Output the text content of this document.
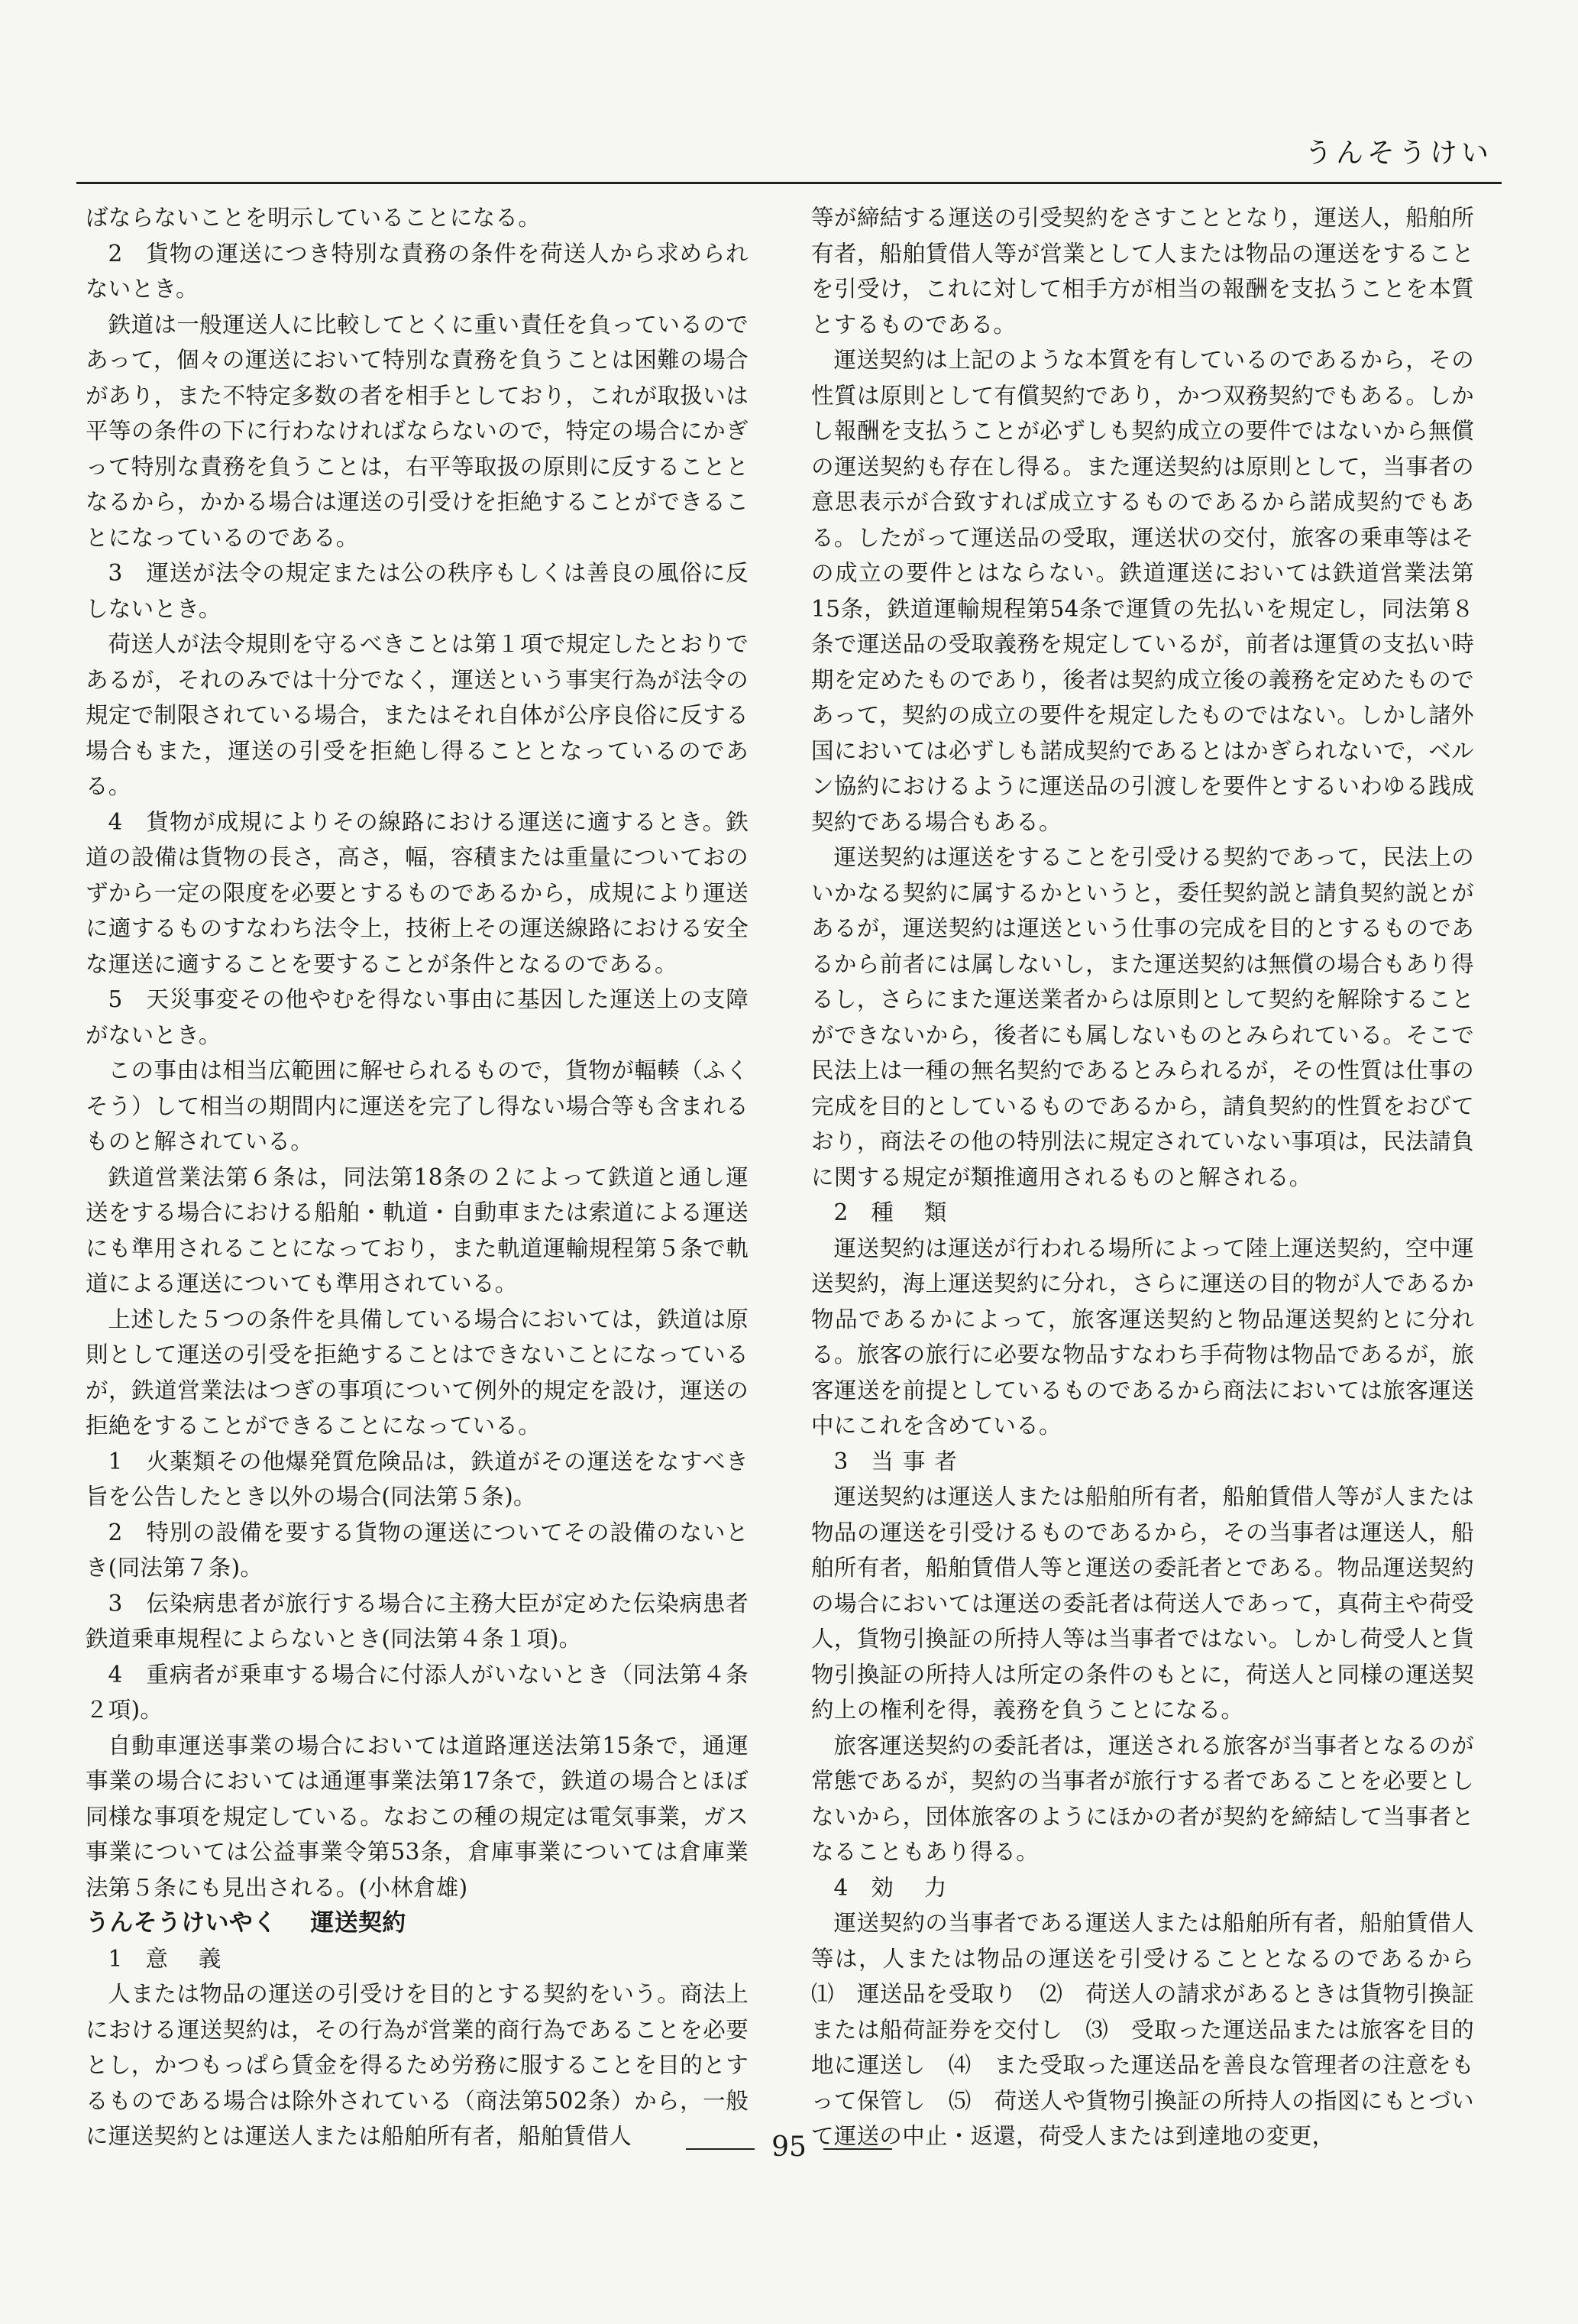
うんそうけい

ばならないことを明示していることになる。

2　貨物の運送につき特別な責務の条件を荷送人から求められないとき。

鉄道は一般運送人に比較してとくに重い責任を負っているのであって，個々の運送において特別な責務を負うことは困難の場合があり，また不特定多数の者を相手としており，これが取扱いは平等の条件の下に行わなければならないので，特定の場合にかぎって特別な責務を負うことは，右平等取扱の原則に反することとなるから，かかる場合は運送の引受けを拒絶することができることになっているのである。

3　運送が法令の規定または公の秩序もしくは善良の風俗に反しないとき。

荷送人が法令規則を守るべきことは第１項で規定したとおりであるが，それのみでは十分でなく，運送という事実行為が法令の規定で制限されている場合，またはそれ自体が公序良俗に反する場合もまた，運送の引受を拒絶し得ることとなっているのである。

4　貨物が成規によりその線路における運送に適するとき。鉄道の設備は貨物の長さ，高さ，幅，容積または重量についておのずから一定の限度を必要とするものであるから，成規により運送に適するものすなわち法令上，技術上その運送線路における安全な運送に適することを要することが条件となるのである。

5　天災事変その他やむを得ない事由に基因した運送上の支障がないとき。

この事由は相当広範囲に解せられるもので，貨物が輻輳（ふくそう）して相当の期間内に運送を完了し得ない場合等も含まれるものと解されている。

鉄道営業法第６条は，同法第18条の２によって鉄道と通し運送をする場合における船舶・軌道・自動車または索道による運送にも準用されることになっており，また軌道運輸規程第５条で軌道による運送についても準用されている。

上述した５つの条件を具備している場合においては，鉄道は原則として運送の引受を拒絶することはできないことになっているが，鉄道営業法はつぎの事項について例外的規定を設け，運送の拒絶をすることができることになっている。

1　火薬類その他爆発質危険品は，鉄道がその運送をなすべき旨を公告したとき以外の場合(同法第５条)。

2　特別の設備を要する貨物の運送についてその設備のないとき(同法第７条)。

3　伝染病患者が旅行する場合に主務大臣が定めた伝染病患者鉄道乗車規程によらないとき(同法第４条１項)。

4　重病者が乗車する場合に付添人がいないとき（同法第４条２項)。

自動車運送事業の場合においては道路運送法第15条で，通運事業の場合においては通運事業法第17条で，鉄道の場合とほぼ同様な事項を規定している。なおこの種の規定は電気事業，ガス事業については公益事業令第53条，倉庫事業については倉庫業法第５条にも見出される。(小林倉雄)

うんそうけいやく 運送契約

1　 意義

人または物品の運送の引受けを目的とする契約をいう。商法上における運送契約は，その行為が営業的商行為であることを必要とし，かつもっぱら賃金を得るため労務に服することを目的とするものである場合は除外されている（商法第502条）から，一般に運送契約とは運送人または船舶所有者，船舶賃借人

等が締結する運送の引受契約をさすこととなり，運送人，船舶所有者，船舶賃借人等が営業として人または物品の運送をすることを引受け，これに対して相手方が相当の報酬を支払うことを本質とするものである。

運送契約は上記のような本質を有しているのであるから，その性質は原則として有償契約であり，かつ双務契約でもある。しかし報酬を支払うことが必ずしも契約成立の要件ではないから無償の運送契約も存在し得る。また運送契約は原則として，当事者の意思表示が合致すれば成立するものであるから諾成契約でもある。したがって運送品の受取，運送状の交付，旅客の乗車等はその成立の要件とはならない。鉄道運送においては鉄道営業法第15条，鉄道運輸規程第54条で運賃の先払いを規定し，同法第８条で運送品の受取義務を規定しているが，前者は運賃の支払い時期を定めたものであり，後者は契約成立後の義務を定めたものであって，契約の成立の要件を規定したものではない。しかし諸外国においては必ずしも諾成契約であるとはかぎられないで，ベルン協約におけるように運送品の引渡しを要件とするいわゆる践成契約である場合もある。

運送契約は運送をすることを引受ける契約であって，民法上のいかなる契約に属するかというと，委任契約説と請負契約説とがあるが，運送契約は運送という仕事の完成を目的とするものであるから前者には属しないし，また運送契約は無償の場合もあり得るし，さらにまた運送業者からは原則として契約を解除することができないから，後者にも属しないものとみられている。そこで民法上は一種の無名契約であるとみられるが，その性質は仕事の完成を目的としているものであるから，請負契約的性質をおびており，商法その他の特別法に規定されていない事項は，民法請負に関する規定が類推適用されるものと解される。

2　 種類

運送契約は運送が行われる場所によって陸上運送契約，空中運送契約，海上運送契約に分れ，さらに運送の目的物が人であるか物品であるかによって，旅客運送契約と物品運送契約とに分れる。旅客の旅行に必要な物品すなわち手荷物は物品であるが，旅客運送を前提としているものであるから商法においては旅客運送中にこれを含めている。

3　 当事者

運送契約は運送人または船舶所有者，船舶賃借人等が人または物品の運送を引受けるものであるから，その当事者は運送人，船舶所有者，船舶賃借人等と運送の委託者とである。物品運送契約の場合においては運送の委託者は荷送人であって，真荷主や荷受人，貨物引換証の所持人等は当事者ではない。しかし荷受人と貨物引換証の所持人は所定の条件のもとに，荷送人と同様の運送契約上の権利を得，義務を負うことになる。

旅客運送契約の委託者は，運送される旅客が当事者となるのが常態であるが，契約の当事者が旅行する者であることを必要としないから，団体旅客のようにほかの者が契約を締結して当事者となることもあり得る。

4　 効力

運送契約の当事者である運送人または船舶所有者，船舶賃借人等は，人または物品の運送を引受けることとなるのであるから　⑴　運送品を受取り　⑵　荷送人の請求があるときは貨物引換証または船荷証券を交付し　⑶　受取った運送品または旅客を目的地に運送し　⑷　また受取った運送品を善良な管理者の注意をもって保管し　⑸　荷送人や貨物引換証の所持人の指図にもとづいて運送の中止・返還，荷受人または到達地の変更，

95
